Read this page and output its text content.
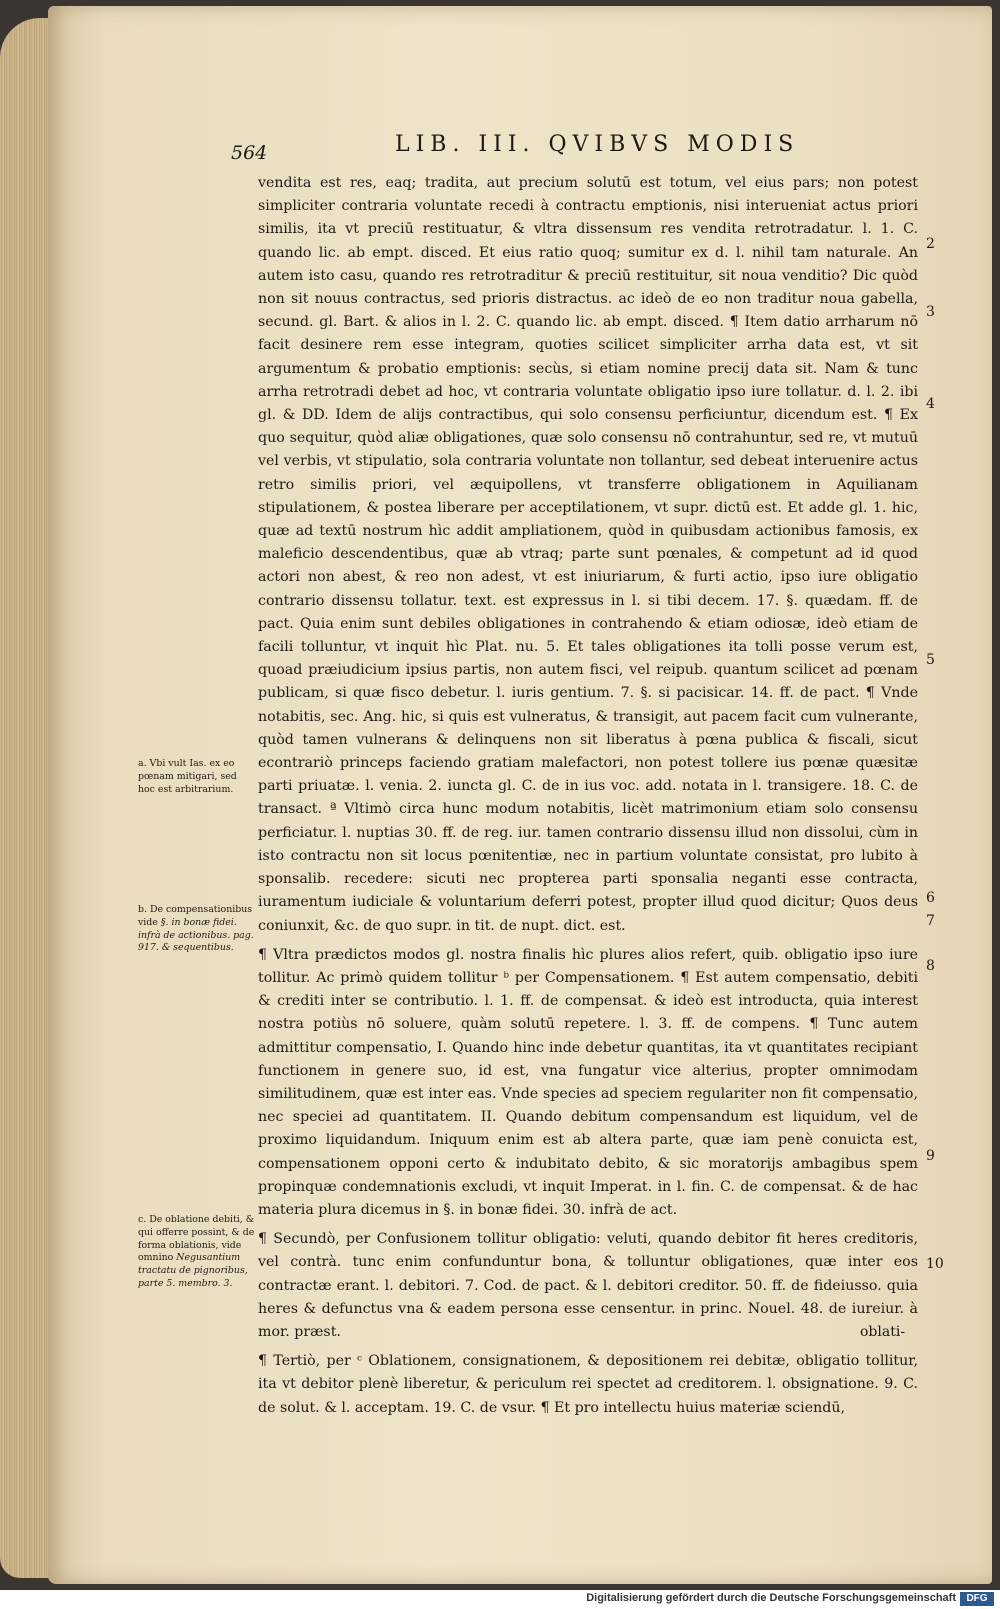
564	LIB. III. QVIBVS MODIS

vendita est res, eaq; tradita, aut precium solutū est totum, vel eius pars; non potest simpliciter contraria voluntate recedi à contractu emptionis, nisi interueniat actus priori similis, ita vt preciū restituatur, & vltra dissensum res vendita retrotradatur. l. 1. C. quando lic. ab empt. disced. Et eius ratio quoq; sumitur ex d. l. nihil tam naturale. An autem isto casu, quando res retrotraditur & preciū restituitur, sit noua venditio? Dic quòd non sit nouus contractus, sed prioris distractus. ac ideò de eo non traditur noua gabella, secund. gl. Bart. & alios in l. 2. C. quando lic. ab empt. disced. ¶ Item datio arrharum nō facit desinere rem esse integram, quoties scilicet simpliciter arrha data est, vt sit argumentum & probatio emptionis: secùs, si etiam nomine precij data sit. Nam & tunc arrha retrotradi debet ad hoc, vt contraria voluntate obligatio ipso iure tollatur. d. l. 2. ibi gl. & DD. Idem de alijs contractibus, qui solo consensu perficiuntur, dicendum est. ¶ Ex quo sequitur, quòd aliæ obligationes, quæ solo consensu nō contrahuntur, sed re, vt mutuū vel verbis, vt stipulatio, sola contraria voluntate non tollantur, sed debeat interuenire actus retro similis priori, vel æquipollens, vt transferre obligationem in Aquilianam stipulationem, & postea liberare per acceptilationem, vt supr. dictū est. Et adde gl. 1. hic, quæ ad textū nostrum hìc addit ampliationem, quòd in quibusdam actionibus famosis, ex maleficio descendentibus, quæ ab vtraq; parte sunt pœnales, & competunt ad id quod actori non abest, & reo non adest, vt est iniuriarum, & furti actio, ipso iure obligatio contrario dissensu tollatur. text. est expressus in l. si tibi decem. 17. §. quædam. ff. de pact. Quia enim sunt debiles obligationes in contrahendo & etiam odiosæ, ideò etiam de facili tolluntur, vt inquit hìc Plat. nu. 5. Et tales obligationes ita tolli posse verum est, quoad præiudicium ipsius partis, non autem fisci, vel reipub. quantum scilicet ad pœnam publicam, si quæ fisco debetur. l. iuris gentium. 7. §. si pacisicar. 14. ff. de pact. ¶ Vnde notabitis, sec. Ang. hic, si quis est vulneratus, & transigit, aut pacem facit cum vulnerante, quòd tamen vulnerans & delinquens non sit liberatus à pœna publica & fiscali, sicut econtrariò princeps faciendo gratiam malefactori, non potest tollere ius pœnæ quæsitæ parti priuatæ. l. venia. 2. iuncta gl. C. de in ius voc. add. notata in l. transigere. 18. C. de transact. ª Vltimò circa hunc modum notabitis, licèt matrimonium etiam solo consensu perficiatur. l. nuptias 30. ff. de reg. iur. tamen contrario dissensu illud non dissolui, cùm in isto contractu non sit locus pœnitentiæ, nec in partium voluntate consistat, pro lubito à sponsalib. recedere: sicuti nec propterea parti sponsalia neganti esse contracta, iuramentum iudiciale & voluntarium deferri potest, propter illud quod dicitur; Quos deus coniunxit, &c. de quo supr. in tit. de nupt. dict. est.

¶ Vltra prædictos modos gl. nostra finalis hìc plures alios refert, quib. obligatio ipso iure tollitur. Ac primò quidem tollitur ᵇ per Compensationem. ¶ Est autem compensatio, debiti & crediti inter se contributio. l. 1. ff. de compensat. & ideò est introducta, quia interest nostra potiùs nō soluere, quàm solutū repetere. l. 3. ff. de compens. ¶ Tunc autem admittitur compensatio, I. Quando hinc inde debetur quantitas, ita vt quantitates recipiant functionem in genere suo, id est, vna fungatur vice alterius, propter omnimodam similitudinem, quæ est inter eas. Vnde species ad speciem regulariter non fit compensatio, nec speciei ad quantitatem. II. Quando debitum compensandum est liquidum, vel de proximo liquidandum. Iniquum enim est ab altera parte, quæ iam penè conuicta est, compensationem opponi certo & indubitato debito, & sic moratorijs ambagibus spem propinquæ condemnationis excludi, vt inquit Imperat. in l. fin. C. de compensat. & de hac materia plura dicemus in §. in bonæ fidei. 30. infrà de act.

¶ Secundò, per Confusionem tollitur obligatio: veluti, quando debitor fit heres creditoris, vel contrà. tunc enim confunduntur bona, & tolluntur obligationes, quæ inter eos contractæ erant. l. debitori. 7. Cod. de pact. & l. debitori creditor. 50. ff. de fideiusso. quia heres & defunctus vna & eadem persona esse censentur. in princ. Nouel. 48. de iureiur. à mor. præst.

¶ Tertiò, per ᶜ Oblationem, consignationem, & depositionem rei debitæ, obligatio tollitur, ita vt debitor plenè liberetur, & periculum rei spectet ad creditorem. l. obsignatione. 9. C. de solut. & l. acceptam. 19. C. de vsur. ¶ Et pro intellectu huius materiæ sciendū,

a. Vbi vult Ias. ex eo pœnam mitigari, sed hoc est arbitrarium.
b. De compensationibus vide §. in bonæ fidei. infrà de actionibus. pag. 917. & sequentibus.
c. De oblatione debiti, & qui offerre possint, & de forma oblationis, vide omnino Negusantium tractatu de pignoribus, parte 5. membro. 3.
2
3
4
5
6
7
8
9
10
oblati-
Digitalisierung gefördert durch die Deutsche Forschungsgemeinschaft	DFG
